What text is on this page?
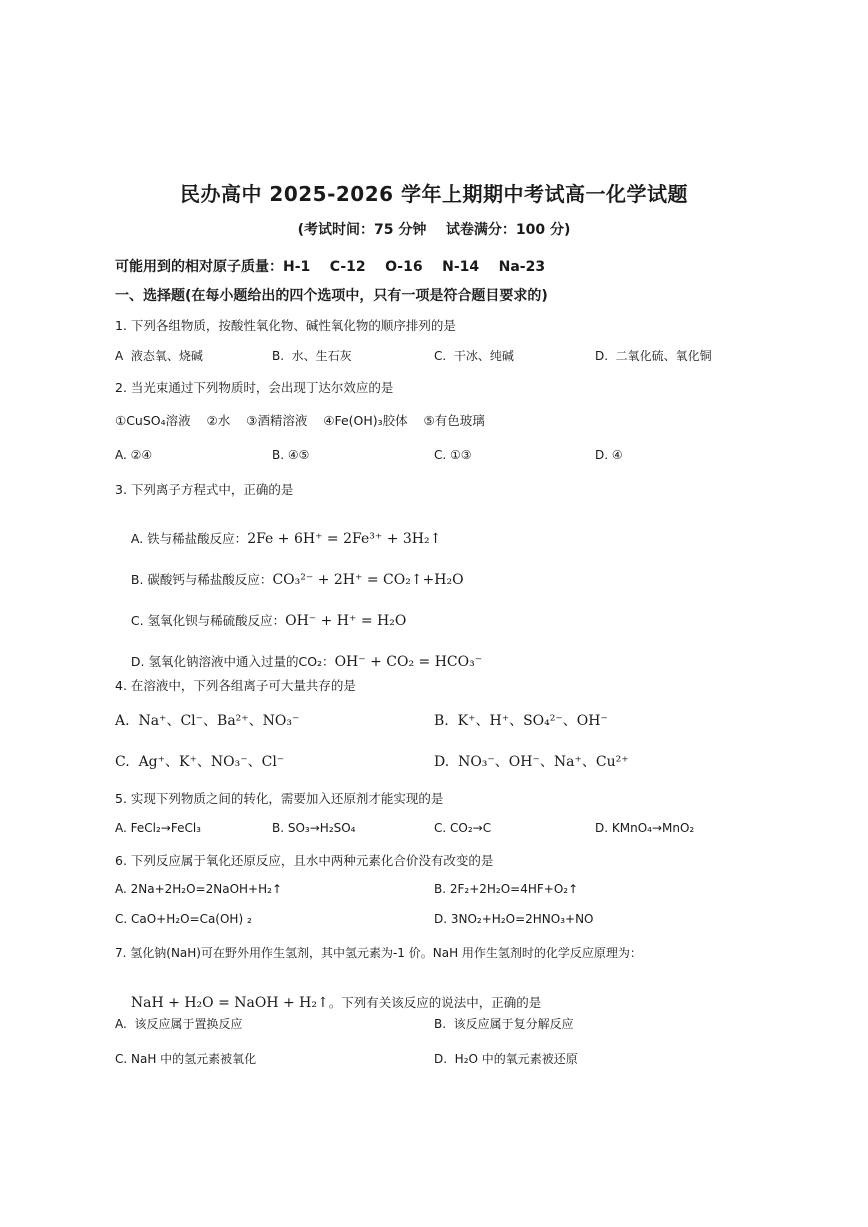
民办高中 2025-2026 学年上期期中考试高一化学试题
(考试时间：75 分钟    试卷满分：100 分)
可能用到的相对原子质量：H-1    C-12    O-16    N-14    Na-23
一、选择题(在每小题给出的四个选项中，只有一项是符合题目要求的)
1. 下列各组物质，按酸性氧化物、碱性氧化物的顺序排列的是
A  液态氧、烧碱	B.  水、生石灰	C.  干冰、纯碱	D.  二氧化硫、氧化铜
2. 当光束通过下列物质时，会出现丁达尔效应的是
①CuSO₄溶液    ②水    ③酒精溶液    ④Fe(OH)₃胶体    ⑤有色玻璃
A. ②④	B. ④⑤	C. ①③	D. ④
3. 下列离子方程式中，正确的是

A. 铁与稀盐酸反应：2Fe + 6H⁺ = 2Fe³⁺ + 3H₂↑

B. 碳酸钙与稀盐酸反应：CO₃²⁻ + 2H⁺ = CO₂↑+H₂O

C. 氢氧化钡与稀硫酸反应：OH⁻ + H⁺ = H₂O

D. 氢氧化钠溶液中通入过量的CO₂：OH⁻ + CO₂ = HCO₃⁻

4. 在溶液中，下列各组离子可大量共存的是
A.  Na⁺、Cl⁻、Ba²⁺、NO₃⁻	B.  K⁺、H⁺、SO₄²⁻、OH⁻
C.  Ag⁺、K⁺、NO₃⁻、Cl⁻	D.  NO₃⁻、OH⁻、Na⁺、Cu²⁺
5. 实现下列物质之间的转化，需要加入还原剂才能实现的是
A. FeCl₂→FeCl₃	B. SO₃→H₂SO₄	C. CO₂→C	D. KMnO₄→MnO₂
6. 下列反应属于氧化还原反应，且水中两种元素化合价没有改变的是
A. 2Na+2H₂O=2NaOH+H₂↑	B. 2F₂+2H₂O=4HF+O₂↑
C. CaO+H₂O=Ca(OH) ₂	D. 3NO₂+H₂O=2HNO₃+NO
7. 氢化钠(NaH)可在野外用作生氢剂，其中氢元素为-1 价。NaH 用作生氢剂时的化学反应原理为：

NaH + H₂O = NaOH + H₂↑。下列有关该反应的说法中，正确的是

A.  该反应属于置换反应	B.  该反应属于复分解反应
C. NaH 中的氢元素被氧化	D.  H₂O 中的氧元素被还原
